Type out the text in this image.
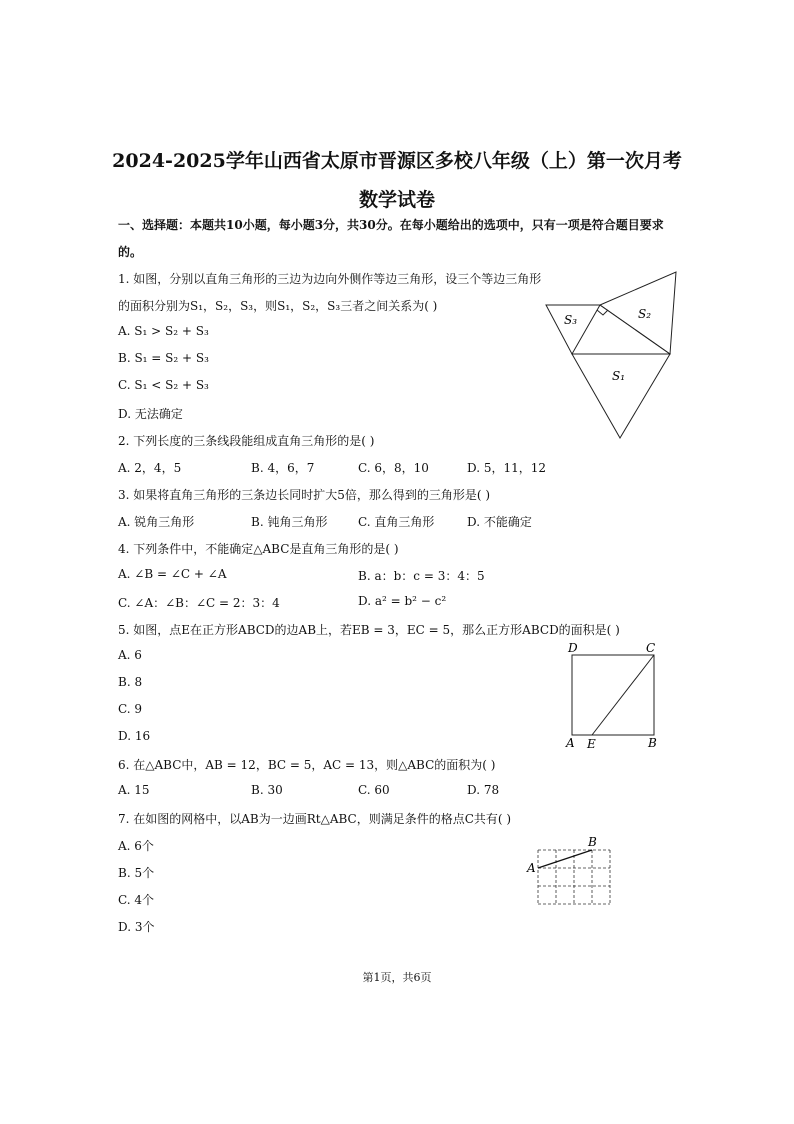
2024-2025学年山西省太原市晋源区多校八年级（上）第一次月考
数学试卷
一、选择题：本题共10小题，每小题3分，共30分。在每小题给出的选项中，只有一项是符合题目要求
的。
1. 如图，分别以直角三角形的三边为边向外侧作等边三角形，设三个等边三角形
的面积分别为S₁，S₂，S₃，则S₁，S₂，S₃三者之间关系为( )
A. S₁ > S₂ + S₃
B. S₁ = S₂ + S₃
C. S₁ < S₂ + S₃
D. 无法确定
S₃	S₂
S₁
2. 下列长度的三条线段能组成直角三角形的是( )
A. 2，4，5	B. 4，6，7	C. 6，8，10	D. 5，11，12
3. 如果将直角三角形的三条边长同时扩大5倍，那么得到的三角形是( )
A. 锐角三角形	B. 钝角三角形	C. 直角三角形	D. 不能确定
4. 下列条件中，不能确定△ABC是直角三角形的是( )
A. ∠B = ∠C + ∠A	B. a：b：c = 3：4：5
C. ∠A：∠B：∠C = 2：3：4	D. a² = b² − c²
5. 如图，点E在正方形ABCD的边AB上，若EB = 3，EC = 5，那么正方形ABCD的面积是( )
A. 6
B. 8
C. 9
D. 16
D	C
A E	B
6. 在△ABC中，AB = 12，BC = 5，AC = 13，则△ABC的面积为( )
A. 15	B. 30	C. 60	D. 78
7. 在如图的网格中，以AB为一边画Rt△ABC，则满足条件的格点C共有( )
A. 6个
B. 5个
C. 4个
D. 3个
A
B
第1页，共6页
